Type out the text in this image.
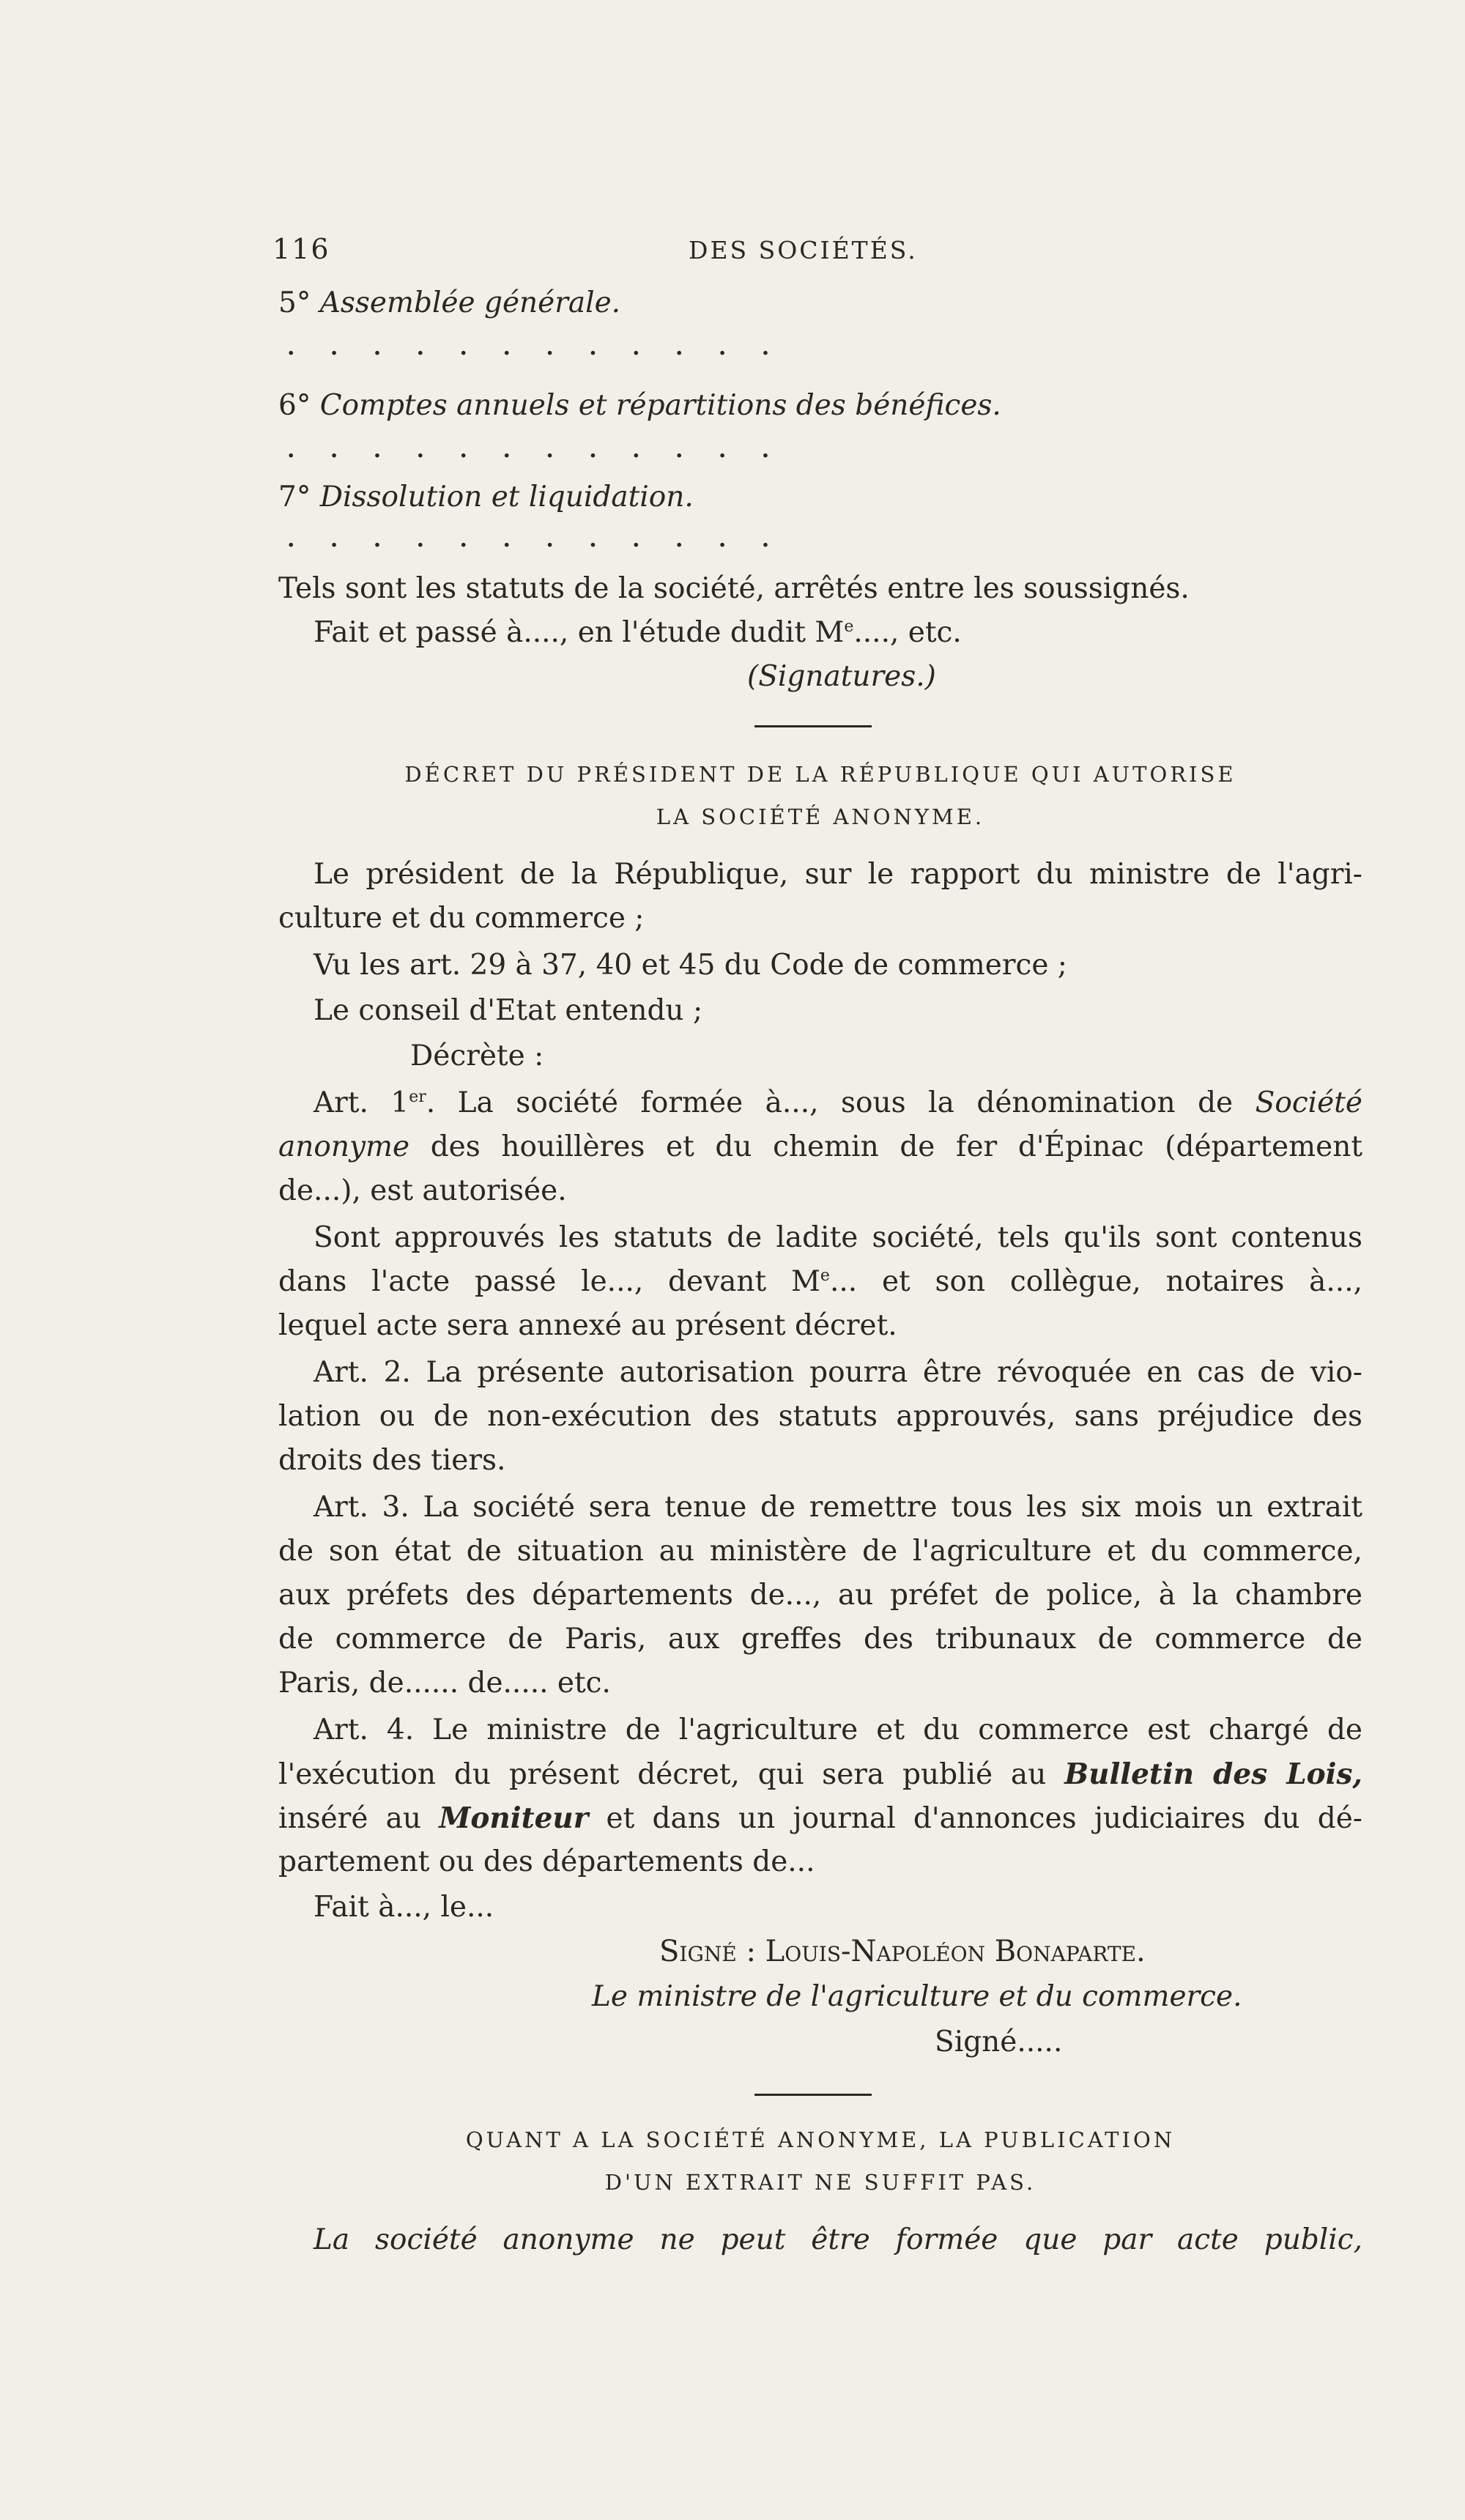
116	DES SOCIÉTÉS.
5° Assemblée générale.
. . . . . . . . . . . .
6° Comptes annuels et répartitions des bénéfices.
. . . . . . . . . . . .
7° Dissolution et liquidation.
. . . . . . . . . . . .
Tels sont les statuts de la société, arrêtés entre les soussignés.
Fait et passé à...., en l'étude dudit Me...., etc.
(Signatures.)
DÉCRET DU PRÉSIDENT DE LA RÉPUBLIQUE QUI AUTORISE
LA SOCIÉTÉ ANONYME.
Le président de la République, sur le rapport du ministre de l'agri-
culture et du commerce ;
Vu les art. 29 à 37, 40 et 45 du Code de commerce ;
Le conseil d'Etat entendu ;
Décrète :
Art. 1er. La société formée à..., sous la dénomination de Société
anonyme des houillères et du chemin de fer d'Épinac (département
de...), est autorisée.
Sont approuvés les statuts de ladite société, tels qu'ils sont contenus
dans l'acte passé le..., devant Me... et son collègue, notaires à...,
lequel acte sera annexé au présent décret.
Art. 2. La présente autorisation pourra être révoquée en cas de vio-
lation ou de non-exécution des statuts approuvés, sans préjudice des
droits des tiers.
Art. 3. La société sera tenue de remettre tous les six mois un extrait
de son état de situation au ministère de l'agriculture et du commerce,
aux préfets des départements de..., au préfet de police, à la chambre
de commerce de Paris, aux greffes des tribunaux de commerce de
Paris, de...... de..... etc.
Art. 4. Le ministre de l'agriculture et du commerce est chargé de
l'exécution du présent décret, qui sera publié au Bulletin des Lois,
inséré au Moniteur et dans un journal d'annonces judiciaires du dé-
partement ou des départements de...
Fait à..., le...
Signé : Louis-Napoléon Bonaparte.
Le ministre de l'agriculture et du commerce.
Signé.....
QUANT A LA SOCIÉTÉ ANONYME, LA PUBLICATION
D'UN EXTRAIT NE SUFFIT PAS.
La société anonyme ne peut être formée que par acte public,
